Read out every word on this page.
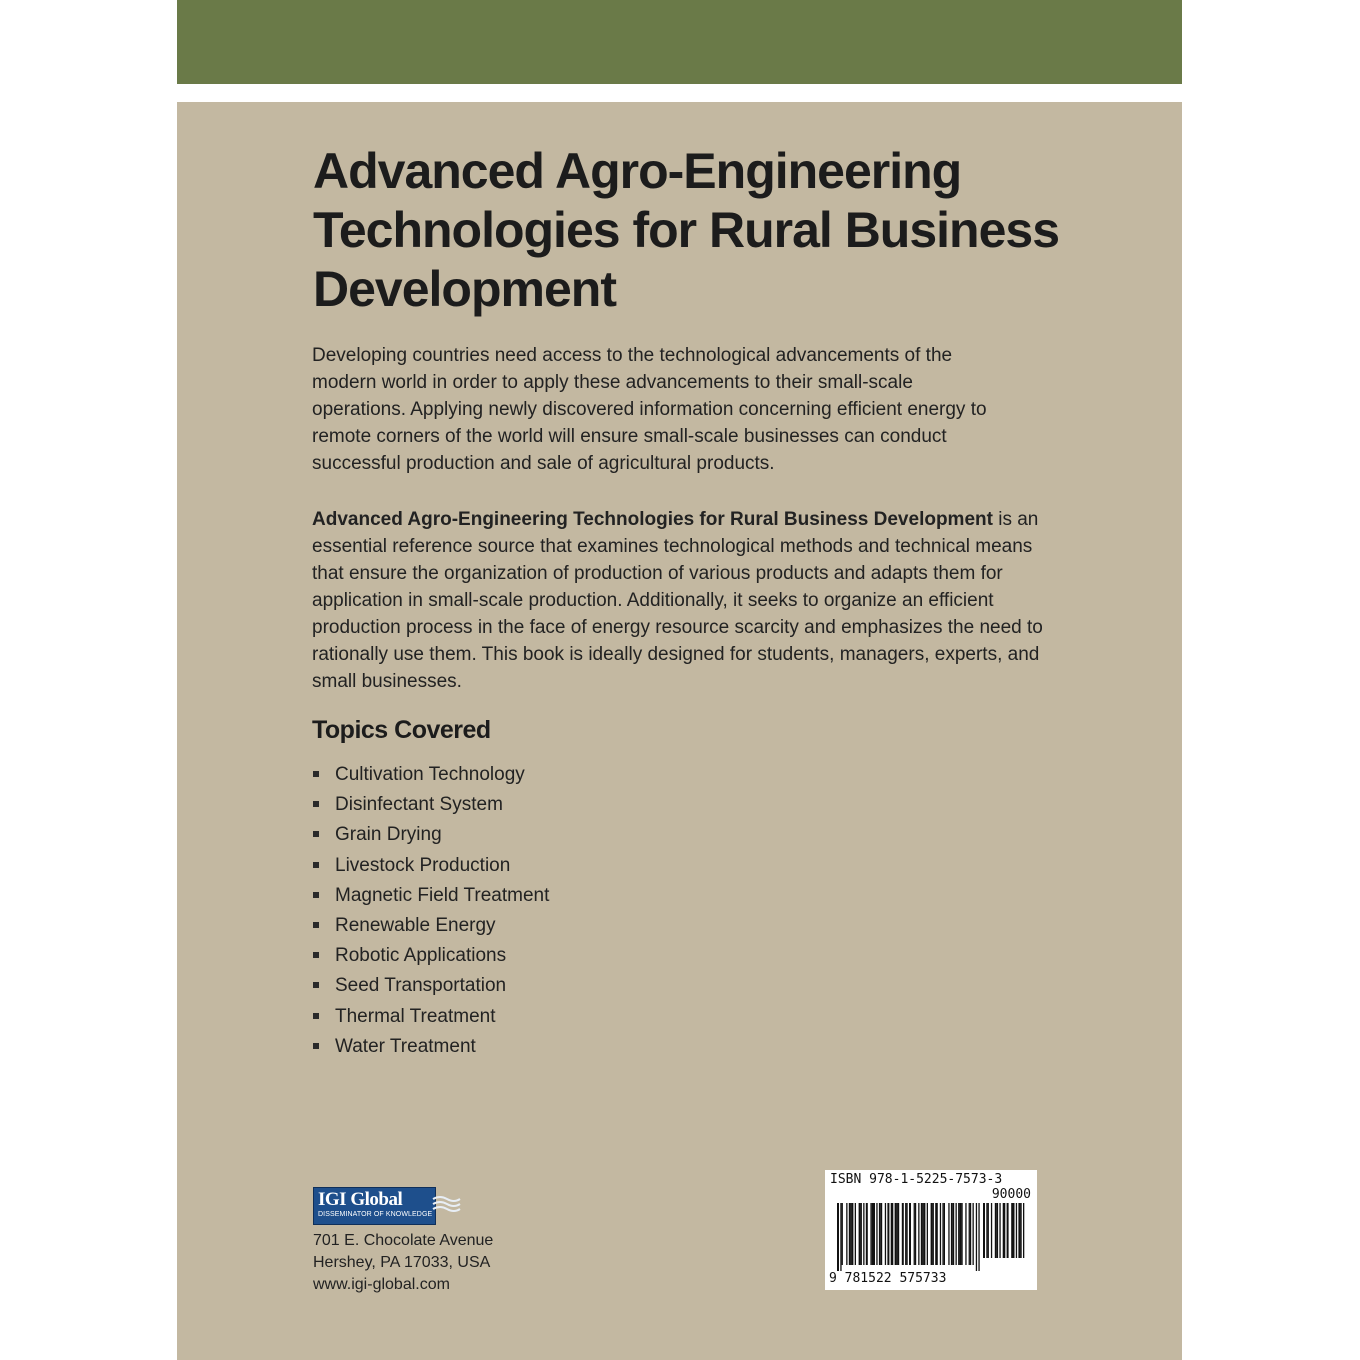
Advanced Agro-Engineering Technologies for Rural Business Development

Developing countries need access to the technological advancements of the modern world in order to apply these advancements to their small-scale operations. Applying newly discovered information concerning efficient energy to remote corners of the world will ensure small-scale businesses can conduct successful production and sale of agricultural products.

Advanced Agro-Engineering Technologies for Rural Business Development is an essential reference source that examines technological methods and technical means that ensure the organization of production of various products and adapts them for application in small-scale production. Additionally, it seeks to organize an efficient production process in the face of energy resource scarcity and emphasizes the need to rationally use them. This book is ideally designed for students, managers, experts, and small businesses.

Topics Covered
Cultivation Technology
Disinfectant System
Grain Drying
Livestock Production
Magnetic Field Treatment
Renewable Energy
Robotic Applications
Seed Transportation
Thermal Treatment
Water Treatment
IGI Global
DISSEMINATOR OF KNOWLEDGE

701 E. Chocolate Avenue
Hershey, PA 17033, USA
www.igi-global.com

ISBN 978-1-5225-7573-3
90000
9 781522 575733
